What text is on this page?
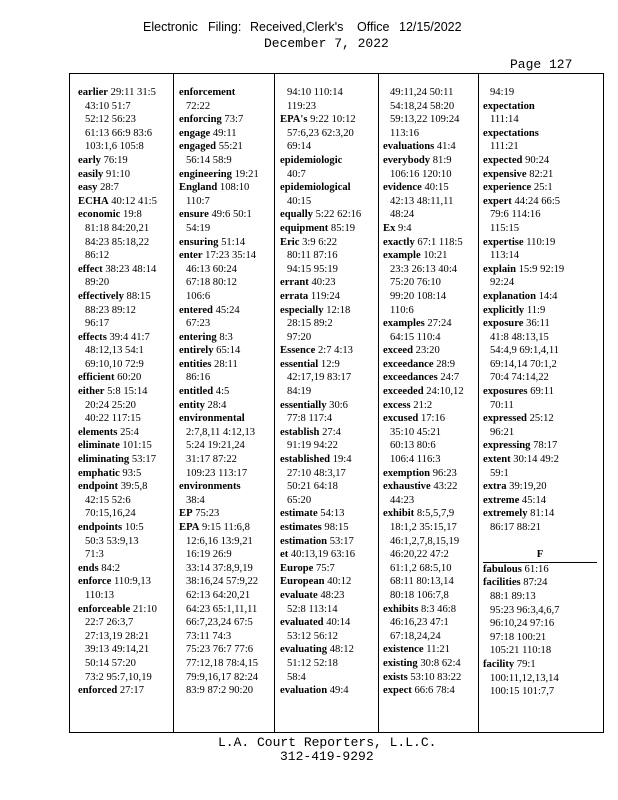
Electronic Filing: Received,Clerk's Office 12/15/2022
December 7, 2022
Page 127
earlier 29:11 31:5
43:10 51:7
52:12 56:23
61:13 66:9 83:6
103:1,6 105:8
early 76:19
easily 91:10
easy 28:7
ECHA 40:12 41:5
economic 19:8
81:18 84:20,21
84:23 85:18,22
86:12
effect 38:23 48:14
89:20
effectively 88:15
88:23 89:12
96:17
effects 39:4 41:7
48:12,13 54:1
69:10,10 72:9
efficient 60:20
either 5:8 15:14
20:24 25:20
40:22 117:15
elements 25:4
eliminate 101:15
eliminating 53:17
emphatic 93:5
endpoint 39:5,8
42:15 52:6
70:15,16,24
endpoints 10:5
50:3 53:9,13
71:3
ends 84:2
enforce 110:9,13
110:13
enforceable 21:10
22:7 26:3,7
27:13,19 28:21
39:13 49:14,21
50:14 57:20
73:2 95:7,10,19
enforced 27:17
enforcement
72:22
enforcing 73:7
engage 49:11
engaged 55:21
56:14 58:9
engineering 19:21
England 108:10
110:7
ensure 49:6 50:1
54:19
ensuring 51:14
enter 17:23 35:14
46:13 60:24
67:18 80:12
106:6
entered 45:24
67:23
entering 8:3
entirely 65:14
entities 28:11
86:16
entitled 4:5
entity 28:4
environmental
2:7,8,11 4:12,13
5:24 19:21,24
31:17 87:22
109:23 113:17
environments
38:4
EP 75:23
EPA 9:15 11:6,8
12:6,16 13:9,21
16:19 26:9
33:14 37:8,9,19
38:16,24 57:9,22
62:13 64:20,21
64:23 65:1,11,11
66:7,23,24 67:5
73:11 74:3
75:23 76:7 77:6
77:12,18 78:4,15
79:9,16,17 82:24
83:9 87:2 90:20
94:10 110:14
119:23
EPA's 9:22 10:12
57:6,23 62:3,20
69:14
epidemiologic
40:7
epidemiological
40:15
equally 5:22 62:16
equipment 85:19
Eric 3:9 6:22
80:11 87:16
94:15 95:19
errant 40:23
errata 119:24
especially 12:18
28:15 89:2
97:20
Essence 2:7 4:13
essential 12:9
42:17,19 83:17
84:19
essentially 30:6
77:8 117:4
establish 27:4
91:19 94:22
established 19:4
27:10 48:3,17
50:21 64:18
65:20
estimate 54:13
estimates 98:15
estimation 53:17
et 40:13,19 63:16
Europe 75:7
European 40:12
evaluate 48:23
52:8 113:14
evaluated 40:14
53:12 56:12
evaluating 48:12
51:12 52:18
58:4
evaluation 49:4
49:11,24 50:11
54:18,24 58:20
59:13,22 109:24
113:16
evaluations 41:4
everybody 81:9
106:16 120:10
evidence 40:15
42:13 48:11,11
48:24
Ex 9:4
exactly 67:1 118:5
example 10:21
23:3 26:13 40:4
75:20 76:10
99:20 108:14
110:6
examples 27:24
64:15 110:4
exceed 23:20
exceedance 28:9
exceedances 24:7
exceeded 24:10,12
excess 21:2
excused 17:16
35:10 45:21
60:13 80:6
106:4 116:3
exemption 96:23
exhaustive 43:22
44:23
exhibit 8:5,5,7,9
18:1,2 35:15,17
46:1,2,7,8,15,19
46:20,22 47:2
61:1,2 68:5,10
68:11 80:13,14
80:18 106:7,8
exhibits 8:3 46:8
46:16,23 47:1
67:18,24,24
existence 11:21
existing 30:8 62:4
exists 53:10 83:22
expect 66:6 78:4
94:19
expectation
111:14
expectations
111:21
expected 90:24
expensive 82:21
experience 25:1
expert 44:24 66:5
79:6 114:16
115:15
expertise 110:19
113:14
explain 15:9 92:19
92:24
explanation 14:4
explicitly 11:9
exposure 36:11
41:8 48:13,15
54:4,9 69:1,4,11
69:14,14 70:1,2
70:4 74:14,22
exposures 69:11
70:11
expressed 25:12
96:21
expressing 78:17
extent 30:14 49:2
59:1
extra 39:19,20
extreme 45:14
extremely 81:14
86:17 88:21
F
fabulous 61:16
facilities 87:24
88:1 89:13
95:23 96:3,4,6,7
96:10,24 97:16
97:18 100:21
105:21 110:18
facility 79:1
100:11,12,13,14
100:15 101:7,7
L.A. Court Reporters, L.L.C.
312-419-9292
